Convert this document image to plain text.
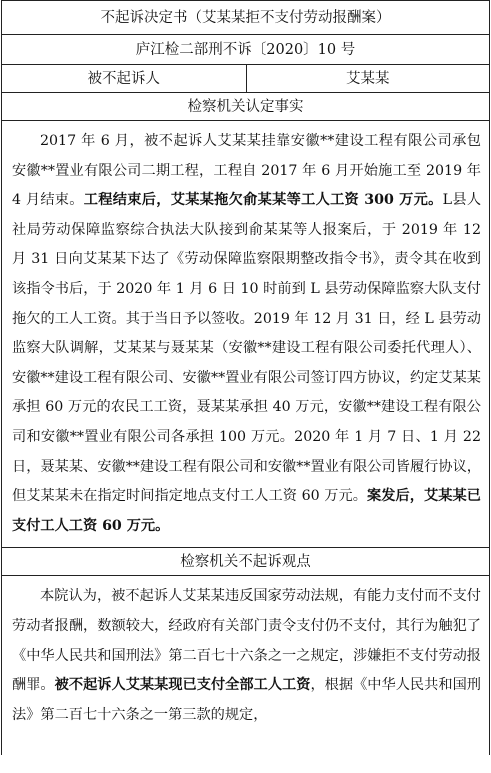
不起诉决定书（艾某某拒不支付劳动报酬案）
庐江检二部刑不诉〔2020〕10 号
被不起诉人	艾某某
检察机关认定事实
2017 年 6 月，被不起诉人艾某某挂靠安徽**建设工程有限公司承包安徽**置业有限公司二期工程，工程自 2017 年 6 月开始施工至 2019 年 4 月结束。工程结束后，艾某某拖欠俞某某等工人工资 300 万元。L县人社局劳动保障监察综合执法大队接到俞某某等人报案后，于 2019 年 12 月 31 日向艾某某下达了《劳动保障监察限期整改指令书》，责令其在收到该指令书后，于 2020 年 1 月 6 日 10 时前到 L 县劳动保障监察大队支付拖欠的工人工资。其于当日予以签收。2019 年 12 月 31 日，经 L 县劳动监察大队调解，艾某某与聂某某（安徽**建设工程有限公司委托代理人）、安徽**建设工程有限公司、安徽**置业有限公司签订四方协议，约定艾某某承担 60 万元的农民工工资，聂某某承担 40 万元，安徽**建设工程有限公司和安徽**置业有限公司各承担 100 万元。2020 年 1 月 7 日、1 月 22 日，聂某某、安徽**建设工程有限公司和安徽**置业有限公司皆履行协议，但艾某某未在指定时间指定地点支付工人工资 60 万元。案发后，艾某某已支付工人工资 60 万元。
检察机关不起诉观点
本院认为，被不起诉人艾某某违反国家劳动法规，有能力支付而不支付劳动者报酬，数额较大，经政府有关部门责令支付仍不支付，其行为触犯了《中华人民共和国刑法》第二百七十六条之一之规定，涉嫌拒不支付劳动报酬罪。被不起诉人艾某某现已支付全部工人工资，根据《中华人民共和国刑法》第二百七十六条之一第三款的规定，
